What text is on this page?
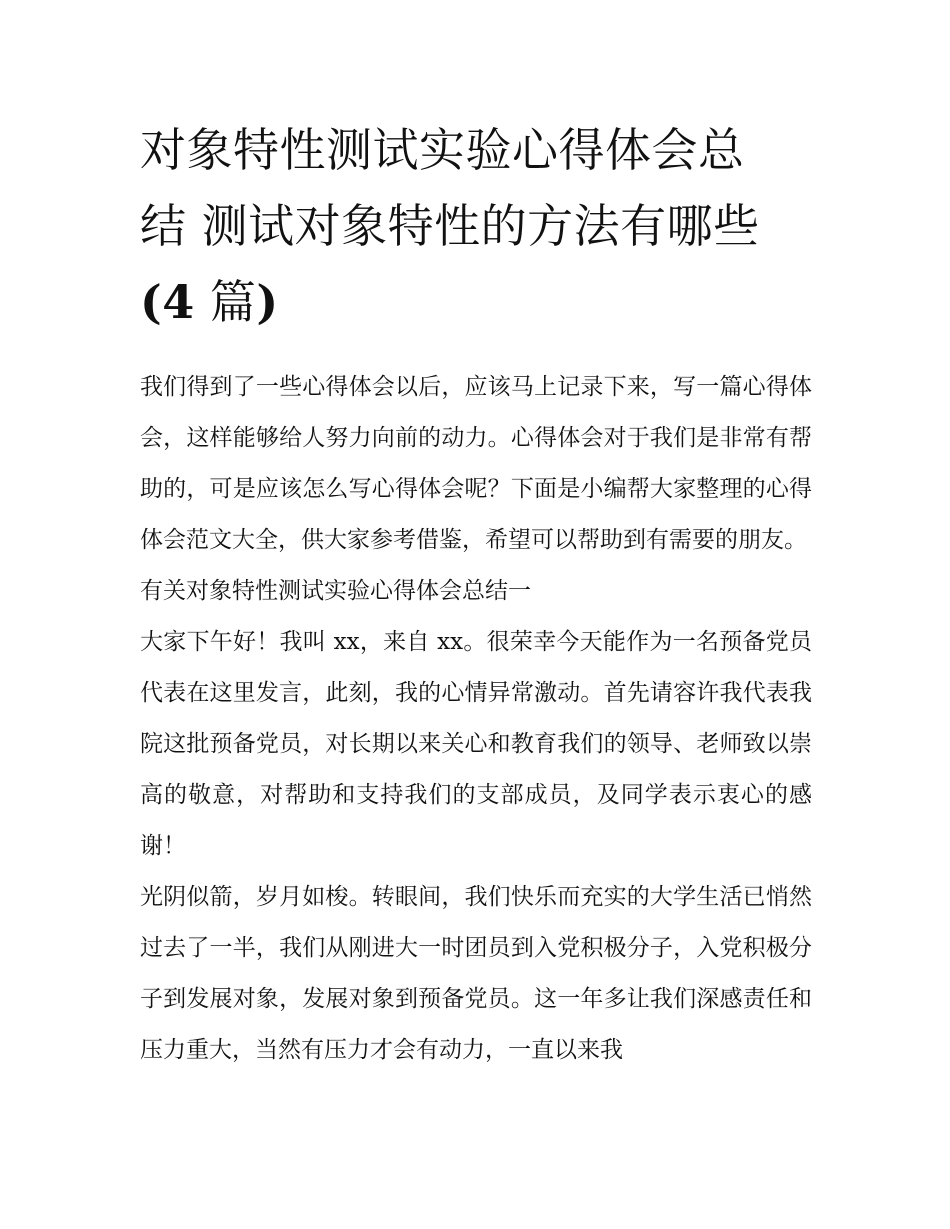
对象特性测试实验心得体会总
结 测试对象特性的方法有哪些
(4 篇)

我们得到了一些心得体会以后，应该马上记录下来，写一篇心得体会，这样能够给人努力向前的动力。心得体会对于我们是非常有帮助的，可是应该怎么写心得体会呢？下面是小编帮大家整理的心得体会范文大全，供大家参考借鉴，希望可以帮助到有需要的朋友。

有关对象特性测试实验心得体会总结一

大家下午好！我叫 xx，来自 xx。很荣幸今天能作为一名预备党员代表在这里发言，此刻，我的心情异常激动。首先请容许我代表我院这批预备党员，对长期以来关心和教育我们的领导、老师致以崇高的敬意，对帮助和支持我们的支部成员，及同学表示衷心的感谢！

光阴似箭，岁月如梭。转眼间，我们快乐而充实的大学生活已悄然过去了一半，我们从刚进大一时团员到入党积极分子，入党积极分子到发展对象，发展对象到预备党员。这一年多让我们深感责任和压力重大，当然有压力才会有动力，一直以来我
